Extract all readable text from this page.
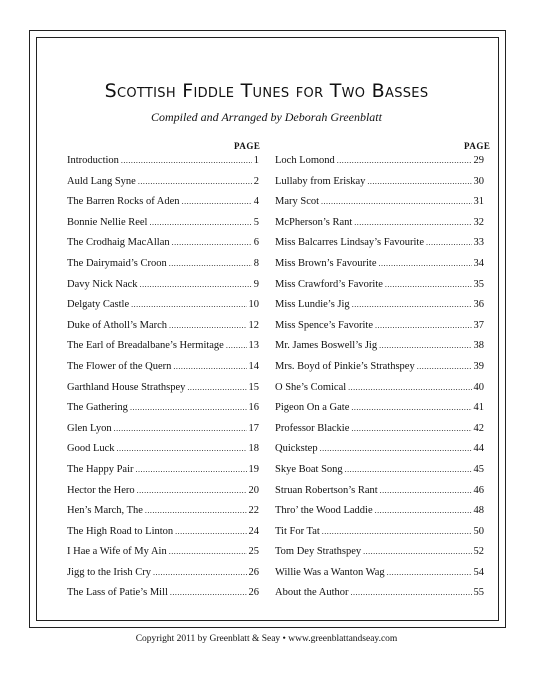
Scottish Fiddle Tunes for Two Basses
Compiled and Arranged by Deborah Greenblatt
PAGE	PAGE
Introduction .....	1
Auld Lang Syne .....	2
The Barren Rocks of Aden .....	4
Bonnie Nellie Reel .....	5
The Crodhaig MacAllan .....	6
The Dairymaid’s Croon .....	8
Davy Nick Nack .....	9
Delgaty Castle .....	10
Duke of Atholl’s March .....	12
The Earl of Breadalbane’s Hermitage ..... 13
The Flower of the Quern .....	14
Garthland House Strathspey .....	15
The Gathering .....	16
Glen Lyon .....	17
Good Luck .....	18
The Happy Pair .....	19
Hector the Hero .....	20
Hen’s March, The .....	22
The High Road to Linton .....	24
I Hae a Wife of My Ain .....	25
Jigg to the Irish Cry .....	26
The Lass of Patie’s Mill .....	26
Loch Lomond .....	29
Lullaby from Eriskay .....	30
Mary Scot .....	31
McPherson’s Rant .....	32
Miss Balcarres Lindsay’s Favourite .....	33
Miss Brown’s Favourite .....	34
Miss Crawford’s Favorite .....	35
Miss Lundie’s Jig .....	36
Miss Spence’s Favorite .....	37
Mr. James Boswell’s Jig .....	38
Mrs. Boyd of Pinkie’s Strathspey .....	39
O She’s Comical .....	40
Pigeon On a Gate .....	41
Professor Blackie .....	42
Quickstep .....	44
Skye Boat Song .....	45
Struan Robertson’s Rant .....	46
Thro’ the Wood Laddie .....	48
Tit For Tat .....	50
Tom Dey Strathspey .....	52
Willie Was a Wanton Wag .....	54
About the Author .....	55
Copyright 2011 by Greenblatt & Seay • www.greenblattandseay.com
